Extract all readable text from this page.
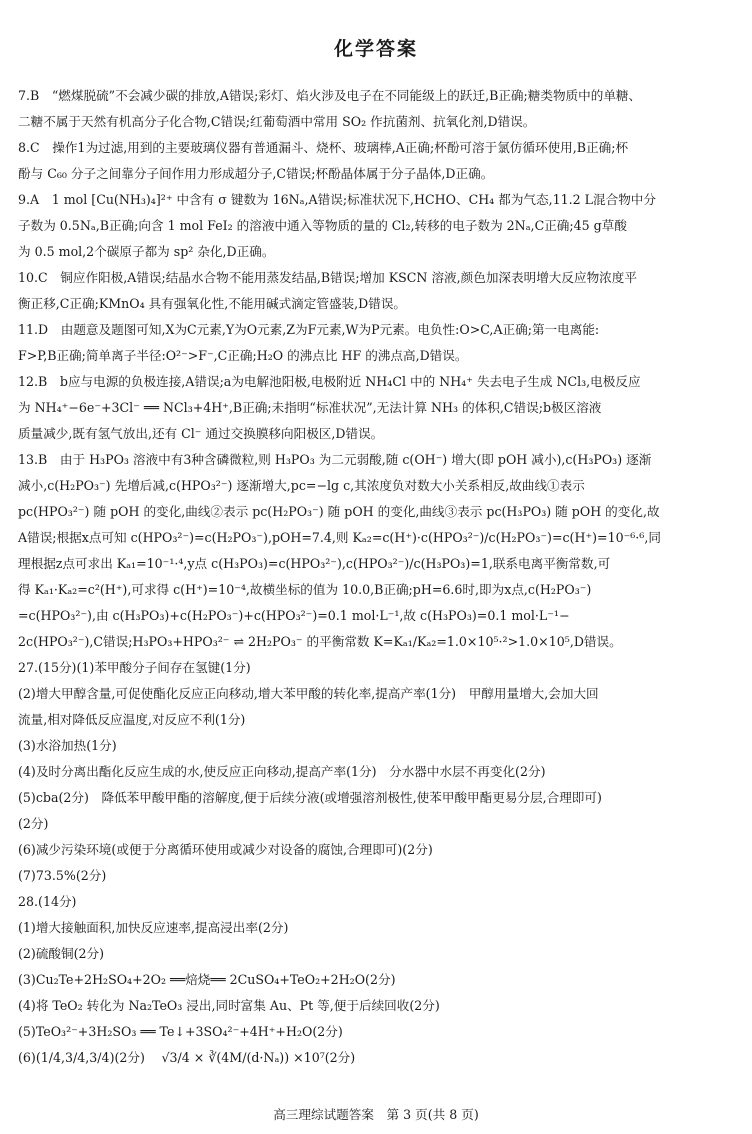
化学答案
7.B　“燃煤脱硫”不会减少碳的排放,A错误;彩灯、焰火涉及电子在不同能级上的跃迁,B正确;糖类物质中的单糖、
二糖不属于天然有机高分子化合物,C错误;红葡萄酒中常用 SO₂ 作抗菌剂、抗氧化剂,D错误。
8.C　操作1为过滤,用到的主要玻璃仪器有普通漏斗、烧杯、玻璃棒,A正确;杯酚可溶于氯仿循环使用,B正确;杯
酚与 C₆₀ 分子之间靠分子间作用力形成超分子,C错误;杯酚晶体属于分子晶体,D正确。
9.A　1 mol [Cu(NH₃)₄]²⁺ 中含有 σ 键数为 16Nₐ,A错误;标准状况下,HCHO、CH₄ 都为气态,11.2 L混合物中分
子数为 0.5Nₐ,B正确;向含 1 mol FeI₂ 的溶液中通入等物质的量的 Cl₂,转移的电子数为 2Nₐ,C正确;45 g草酸
为 0.5 mol,2个碳原子都为 sp² 杂化,D正确。
10.C　铜应作阳极,A错误;结晶水合物不能用蒸发结晶,B错误;增加 KSCN 溶液,颜色加深表明增大反应物浓度平
衡正移,C正确;KMnO₄ 具有强氧化性,不能用碱式滴定管盛装,D错误。
11.D　由题意及题图可知,X为C元素,Y为O元素,Z为F元素,W为P元素。电负性:O>C,A正确;第一电离能:
F>P,B正确;简单离子半径:O²⁻>F⁻,C正确;H₂O 的沸点比 HF 的沸点高,D错误。
12.B　b应与电源的负极连接,A错误;a为电解池阳极,电极附近 NH₄Cl 中的 NH₄⁺ 失去电子生成 NCl₃,电极反应
为 NH₄⁺−6e⁻+3Cl⁻ ══ NCl₃+4H⁺,B正确;未指明“标准状况”,无法计算 NH₃ 的体积,C错误;b极区溶液
质量减少,既有氢气放出,还有 Cl⁻ 通过交换膜移向阳极区,D错误。
13.B　由于 H₃PO₃ 溶液中有3种含磷微粒,则 H₃PO₃ 为二元弱酸,随 c(OH⁻) 增大(即 pOH 减小),c(H₃PO₃) 逐渐
减小,c(H₂PO₃⁻) 先增后减,c(HPO₃²⁻) 逐渐增大,pc=−lg c,其浓度负对数大小关系相反,故曲线①表示
pc(HPO₃²⁻) 随 pOH 的变化,曲线②表示 pc(H₂PO₃⁻) 随 pOH 的变化,曲线③表示 pc(H₃PO₃) 随 pOH 的变化,故
A错误;根据x点可知 c(HPO₃²⁻)=c(H₂PO₃⁻),pOH=7.4,则 Kₐ₂=c(H⁺)·c(HPO₃²⁻)/c(H₂PO₃⁻)=c(H⁺)=10⁻⁶·⁶,同
理根据z点可求出 Kₐ₁=10⁻¹·⁴,y点 c(H₃PO₃)=c(HPO₃²⁻),c(HPO₃²⁻)/c(H₃PO₃)=1,联系电离平衡常数,可
得 Kₐ₁·Kₐ₂=c²(H⁺),可求得 c(H⁺)=10⁻⁴,故横坐标的值为 10.0,B正确;pH=6.6时,即为x点,c(H₂PO₃⁻)
=c(HPO₃²⁻),由 c(H₃PO₃)+c(H₂PO₃⁻)+c(HPO₃²⁻)=0.1 mol·L⁻¹,故 c(H₃PO₃)=0.1 mol·L⁻¹−
2c(HPO₃²⁻),C错误;H₃PO₃+HPO₃²⁻ ⇌ 2H₂PO₃⁻ 的平衡常数 K=Kₐ₁/Kₐ₂=1.0×10⁵·²>1.0×10⁵,D错误。
27.(15分)(1)苯甲酸分子间存在氢键(1分)
(2)增大甲醇含量,可促使酯化反应正向移动,增大苯甲酸的转化率,提高产率(1分)　甲醇用量增大,会加大回
流量,相对降低反应温度,对反应不利(1分)
(3)水浴加热(1分)
(4)及时分离出酯化反应生成的水,使反应正向移动,提高产率(1分)　分水器中水层不再变化(2分)
(5)cba(2分)　降低苯甲酸甲酯的溶解度,便于后续分液(或增强溶剂极性,使苯甲酸甲酯更易分层,合理即可)
(2分)
(6)减少污染环境(或便于分离循环使用或减少对设备的腐蚀,合理即可)(2分)
(7)73.5%(2分)
28.(14分)
(1)增大接触面积,加快反应速率,提高浸出率(2分)
(2)硫酸铜(2分)
(3)Cu₂Te+2H₂SO₄+2O₂ ══焙烧══ 2CuSO₄+TeO₂+2H₂O(2分)
(4)将 TeO₂ 转化为 Na₂TeO₃ 浸出,同时富集 Au、Pt 等,便于后续回收(2分)
(5)TeO₃²⁻+3H₂SO₃ ══ Te↓+3SO₄²⁻+4H⁺+H₂O(2分)
(6)(1/4,3/4,3/4)(2分)　 √3/4 × ∛(4M/(d·Nₐ)) ×10⁷(2分)
高三理综试题答案　第 3 页(共 8 页)
